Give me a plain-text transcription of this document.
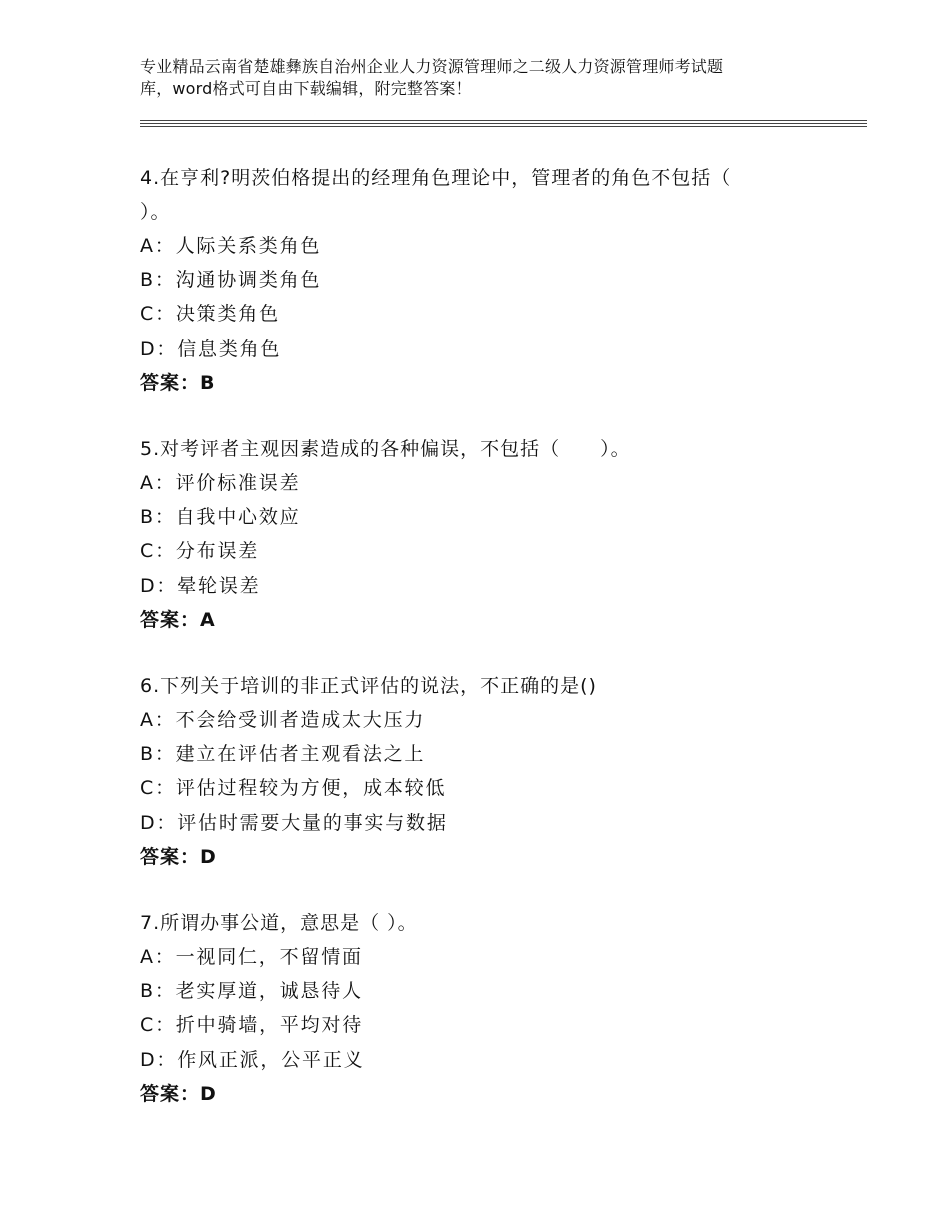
专业精品云南省楚雄彝族自治州企业人力资源管理师之二级人力资源管理师考试题
库，word格式可自由下载编辑，附完整答案！

4.在亨利?明茨伯格提出的经理角色理论中，管理者的角色不包括（
）。

A：人际关系类角色

B：沟通协调类角色

C：决策类角色

D：信息类角色

答案：B

5.对考评者主观因素造成的各种偏误，不包括（　　）。

A：评价标准误差

B：自我中心效应

C：分布误差

D：晕轮误差

答案：A

6.下列关于培训的非正式评估的说法，不正确的是()

A：不会给受训者造成太大压力

B：建立在评估者主观看法之上

C：评估过程较为方便，成本较低

D：评估时需要大量的事实与数据

答案：D

7.所谓办事公道，意思是（ ）。

A：一视同仁，不留情面

B：老实厚道，诚恳待人

C：折中骑墙，平均对待

D：作风正派，公平正义

答案：D
